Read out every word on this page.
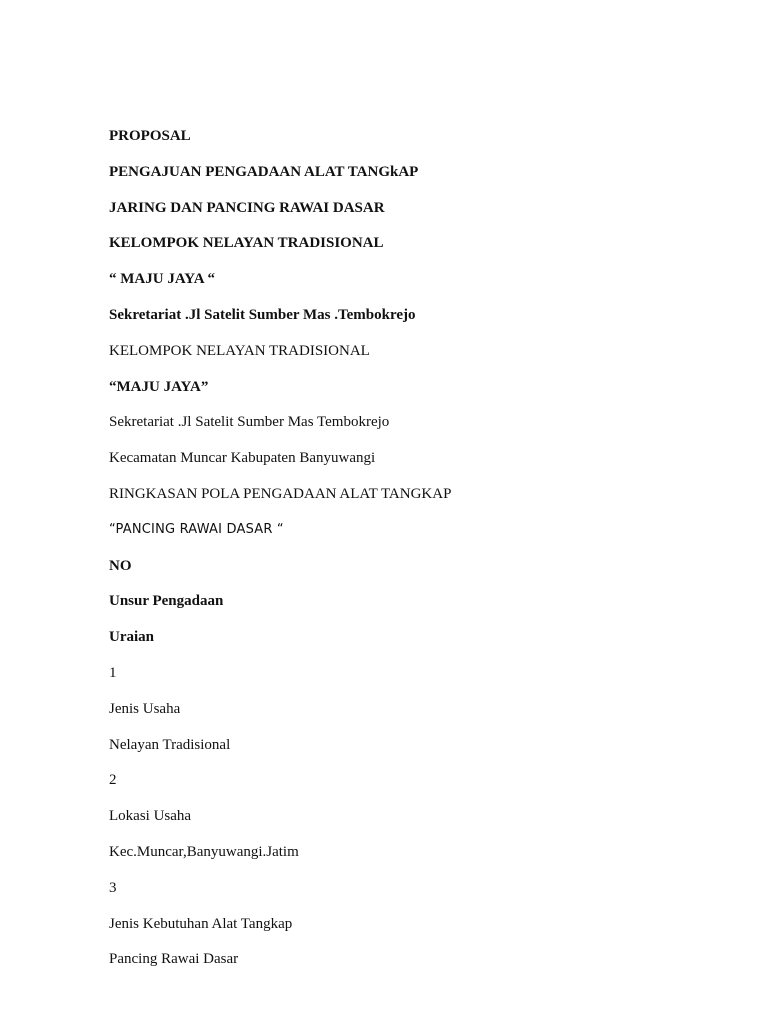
PROPOSAL
PENGAJUAN PENGADAAN ALAT TANGkAP
JARING DAN PANCING RAWAI DASAR
KELOMPOK NELAYAN TRADISIONAL
“ MAJU JAYA “
Sekretariat .Jl Satelit Sumber Mas .Tembokrejo
KELOMPOK NELAYAN TRADISIONAL
“MAJU JAYA”
Sekretariat .Jl Satelit Sumber Mas Tembokrejo
Kecamatan Muncar Kabupaten Banyuwangi
RINGKASAN POLA PENGADAAN ALAT TANGKAP
“PANCING RAWAI DASAR “
NO
Unsur Pengadaan
Uraian
1
Jenis Usaha
Nelayan Tradisional
2
Lokasi Usaha
Kec.Muncar,Banyuwangi.Jatim
3
Jenis Kebutuhan Alat Tangkap
Pancing Rawai Dasar
